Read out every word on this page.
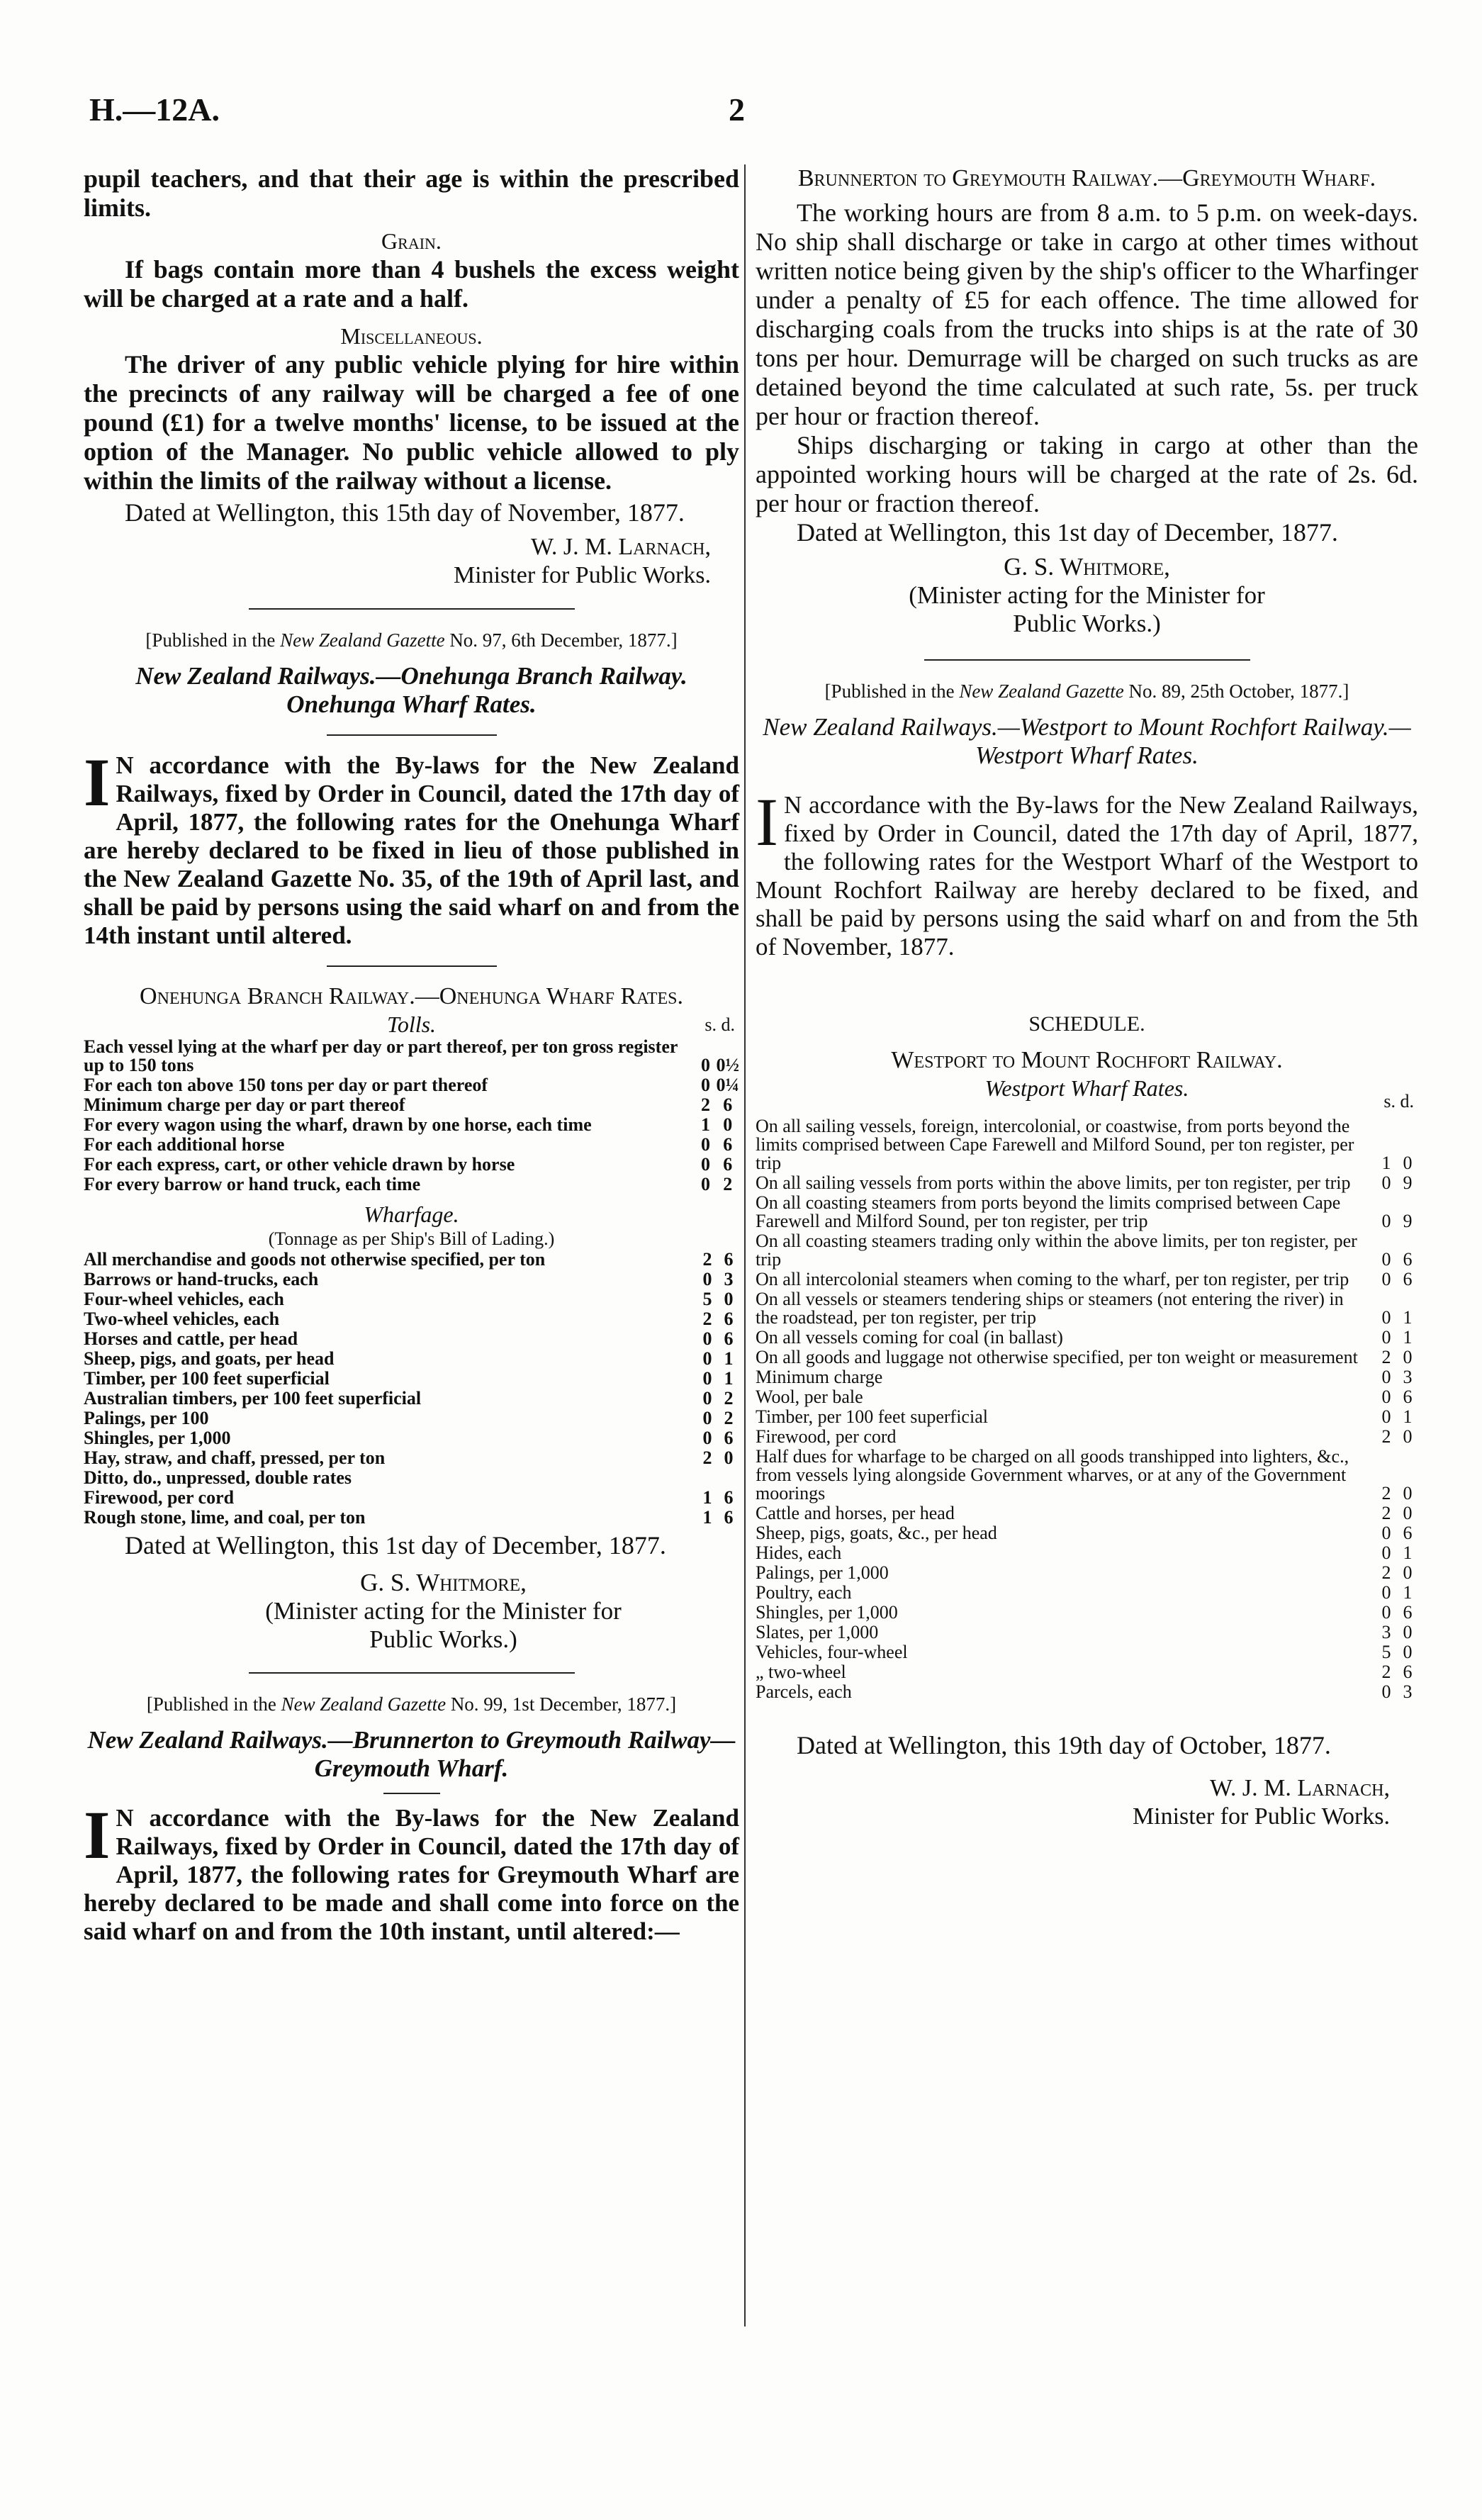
H.—12A.	2

pupil teachers, and that their age is within the prescribed limits.

Grain.

If bags contain more than 4 bushels the excess weight will be charged at a rate and a half.

Miscellaneous.

The driver of any public vehicle plying for hire within the precincts of any railway will be charged a fee of one pound (£1) for a twelve months' license, to be issued at the option of the Manager. No public vehicle allowed to ply within the limits of the railway without a license.

Dated at Wellington, this 15th day of November, 1877.

W. J. M. Larnach,
Minister for Public Works.

[Published in the New Zealand Gazette No. 97, 6th December, 1877.]

New Zealand Railways.—Onehunga Branch Railway. Onehunga Wharf Rates.

I N accordance with the By-laws for the New Zealand Railways, fixed by Order in Council, dated the 17th day of April, 1877, the following rates for the Onehunga Wharf are hereby declared to be fixed in lieu of those published in the New Zealand Gazette No. 35, of the 19th of April last, and shall be paid by persons using the said wharf on and from the 14th instant until altered.

Onehunga Branch Railway.—Onehunga Wharf Rates.

Tolls.	s. d.
Each vessel lying at the wharf per day or part thereof, per ton gross register up to 150 tons	0	0½
For each ton above 150 tons per day or part thereof	0	0¼
Minimum charge per day or part thereof	2	6
For every wagon using the wharf, drawn by one horse, each time	1	0
For each additional horse	0	6
For each express, cart, or other vehicle drawn by horse	0	6
For every barrow or hand truck, each time	0	2
Wharfage.

(Tonnage as per Ship's Bill of Lading.)

All merchandise and goods not otherwise specified, per ton	2	6
Barrows or hand-trucks, each	0	3
Four-wheel vehicles, each	5	0
Two-wheel vehicles, each	2	6
Horses and cattle, per head	0	6
Sheep, pigs, and goats, per head	0	1
Timber, per 100 feet superficial	0	1
Australian timbers, per 100 feet superficial	0	2
Palings, per 100	0	2
Shingles, per 1,000	0	6
Hay, straw, and chaff, pressed, per ton	2	0
Ditto, do., unpressed, double rates		
Firewood, per cord	1	6
Rough stone, lime, and coal, per ton	1	6

Dated at Wellington, this 1st day of December, 1877.

G. S. Whitmore,
(Minister acting for the Minister for
Public Works.)

[Published in the New Zealand Gazette No. 99, 1st December, 1877.]

New Zealand Railways.—Brunnerton to Greymouth Railway—Greymouth Wharf.

I N accordance with the By-laws for the New Zealand Railways, fixed by Order in Council, dated the 17th day of April, 1877, the following rates for Greymouth Wharf are hereby declared to be made and shall come into force on the said wharf on and from the 10th instant, until altered:—

Brunnerton to Greymouth Railway.—Greymouth Wharf.

The working hours are from 8 a.m. to 5 p.m. on week-days. No ship shall discharge or take in cargo at other times without written notice being given by the ship's officer to the Wharfinger under a penalty of £5 for each offence. The time allowed for discharging coals from the trucks into ships is at the rate of 30 tons per hour. Demurrage will be charged on such trucks as are detained beyond the time calculated at such rate, 5s. per truck per hour or fraction thereof.

Ships discharging or taking in cargo at other than the appointed working hours will be charged at the rate of 2s. 6d. per hour or fraction thereof.

Dated at Wellington, this 1st day of December, 1877.

G. S. Whitmore,
(Minister acting for the Minister for
Public Works.)

[Published in the New Zealand Gazette No. 89, 25th October, 1877.]

New Zealand Railways.—Westport to Mount Rochfort Railway.—Westport Wharf Rates.

I N accordance with the By-laws for the New Zealand Railways, fixed by Order in Council, dated the 17th day of April, 1877, the following rates for the Westport Wharf of the Westport to Mount Rochfort Railway are hereby declared to be fixed, and shall be paid by persons using the said wharf on and from the 5th of November, 1877.

SCHEDULE.

Westport to Mount Rochfort Railway.

Westport Wharf Rates.
s. d.
On all sailing vessels, foreign, intercolonial, or coastwise, from ports beyond the limits comprised between Cape Farewell and Milford Sound, per ton register, per trip	1	0
On all sailing vessels from ports within the above limits, per ton register, per trip	0	9
On all coasting steamers from ports beyond the limits comprised between Cape Farewell and Milford Sound, per ton register, per trip	0	9
On all coasting steamers trading only within the above limits, per ton register, per trip	0	6
On all intercolonial steamers when coming to the wharf, per ton register, per trip	0	6
On all vessels or steamers tendering ships or steamers (not entering the river) in the roadstead, per ton register, per trip	0	1
On all vessels coming for coal (in ballast)	0	1
On all goods and luggage not otherwise specified, per ton weight or measurement	2	0
Minimum charge	0	3
Wool, per bale	0	6
Timber, per 100 feet superficial	0	1
Firewood, per cord	2	0
Half dues for wharfage to be charged on all goods transhipped into lighters, &c., from vessels lying alongside Government wharves, or at any of the Government moorings	2	0
Cattle and horses, per head	2	0
Sheep, pigs, goats, &c., per head	0	6
Hides, each	0	1
Palings, per 1,000	2	0
Poultry, each	0	1
Shingles, per 1,000	0	6
Slates, per 1,000	3	0
Vehicles, four-wheel	5	0
„ two-wheel	2	6
Parcels, each	0	3

Dated at Wellington, this 19th day of October, 1877.

W. J. M. Larnach,
Minister for Public Works.
